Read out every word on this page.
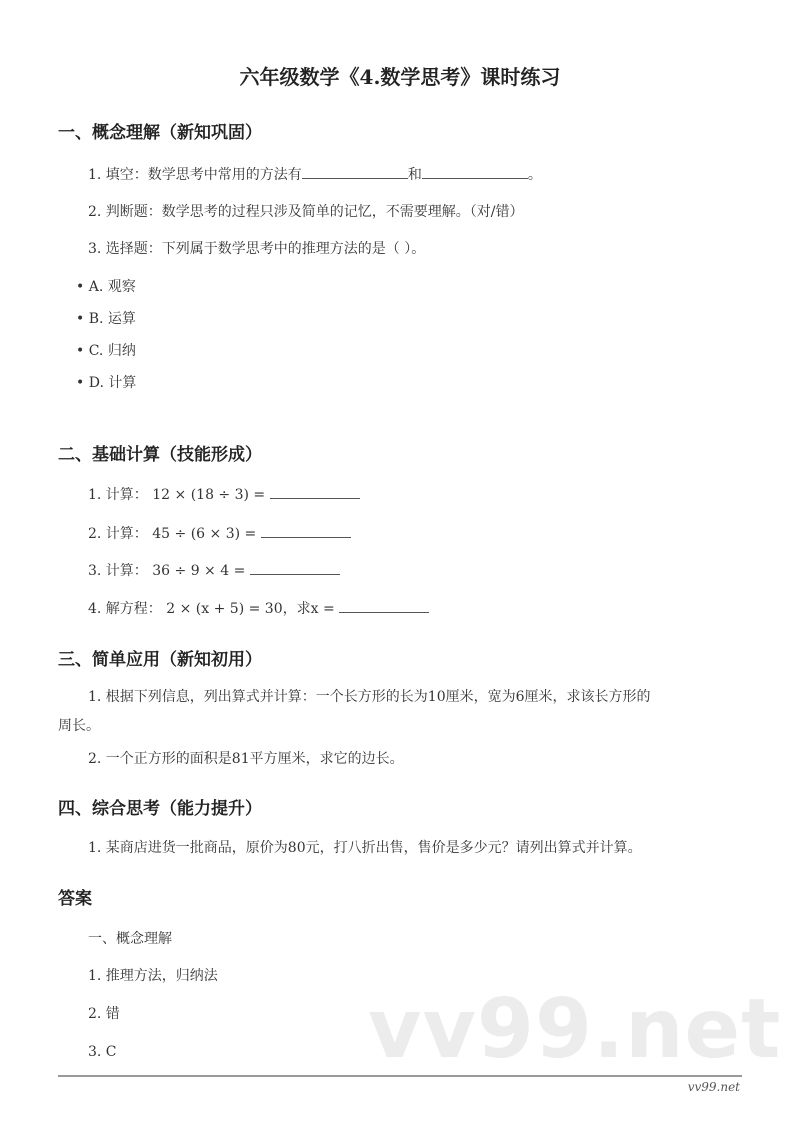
六年级数学《4.数学思考》课时练习
一、概念理解（新知巩固）
1. 填空：数学思考中常用的方法有	和	。
2. 判断题：数学思考的过程只涉及简单的记忆，不需要理解。（对/错）
3. 选择题：下列属于数学思考中的推理方法的是（ ）。
• A. 观察
• B. 运算
• C. 归纳
• D. 计算
二、基础计算（技能形成）
1. 计算： 12 × (18 ÷ 3) =
2. 计算： 45 ÷ (6 × 3) =
3. 计算： 36 ÷ 9 × 4 =
4. 解方程： 2 × (x + 5) = 30，求x =
三、简单应用（新知初用）
1. 根据下列信息，列出算式并计算：一个长方形的长为10厘米，宽为6厘米，求该长方形的
周长。
2. 一个正方形的面积是81平方厘米，求它的边长。
四、综合思考（能力提升）
1. 某商店进货一批商品，原价为80元，打八折出售，售价是多少元？请列出算式并计算。
答案
一、概念理解
1. 推理方法，归纳法
2. 错
3. C	vv99.net
vv99.net
